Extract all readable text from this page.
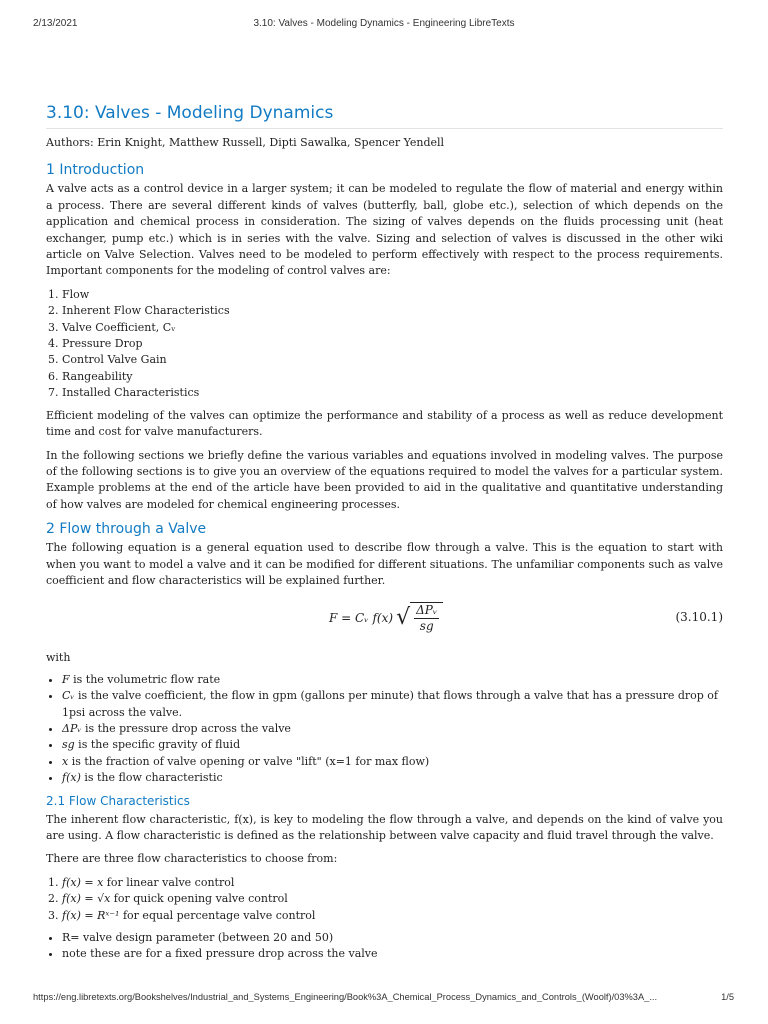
2/13/2021	3.10: Valves - Modeling Dynamics - Engineering LibreTexts
3.10: Valves - Modeling Dynamics
Authors: Erin Knight, Matthew Russell, Dipti Sawalka, Spencer Yendell
1 Introduction

A valve acts as a control device in a larger system; it can be modeled to regulate the flow of material and energy within a process. There are several different kinds of valves (butterfly, ball, globe etc.), selection of which depends on the application and chemical process in consideration. The sizing of valves depends on the fluids processing unit (heat exchanger, pump etc.) which is in series with the valve. Sizing and selection of valves is discussed in the other wiki article on Valve Selection. Valves need to be modeled to perform effectively with respect to the process requirements. Important components for the modeling of control valves are:

1. Flow
2. Inherent Flow Characteristics
3. Valve Coefficient, Cᵥ
4. Pressure Drop
5. Control Valve Gain
6. Rangeability
7. Installed Characteristics

Efficient modeling of the valves can optimize the performance and stability of a process as well as reduce development time and cost for valve manufacturers.

In the following sections we briefly define the various variables and equations involved in modeling valves. The purpose of the following sections is to give you an overview of the equations required to model the valves for a particular system. Example problems at the end of the article have been provided to aid in the qualitative and quantitative understanding of how valves are modeled for chemical engineering processes.

2 Flow through a Valve

The following equation is a general equation used to describe flow through a valve. This is the equation to start with when you want to model a valve and it can be modified for different situations. The unfamiliar components such as valve coefficient and flow characteristics will be explained further.

F = Cᵥ f(x) √ $\frac{\text{ΔPᵥ}}{sg}$	(3.10.1)
with
• F is the volumetric flow rate
• Cᵥ is the valve coefficient, the flow in gpm (gallons per minute) that flows through a valve that has a pressure drop of 1psi across the valve.
• ΔPᵥ is the pressure drop across the valve
• sg is the specific gravity of fluid
• x is the fraction of valve opening or valve "lift" (x=1 for max flow)
• f(x) is the flow characteristic
2.1 Flow Characteristics

The inherent flow characteristic, f(x), is key to modeling the flow through a valve, and depends on the kind of valve you are using. A flow characteristic is defined as the relationship between valve capacity and fluid travel through the valve.

There are three flow characteristics to choose from:

1. f(x) = x for linear valve control
2. f(x) = √x for quick opening valve control
3. f(x) = Rˣ⁻¹ for equal percentage valve control
• R= valve design parameter (between 20 and 50)
• note these are for a fixed pressure drop across the valve
https://eng.libretexts.org/Bookshelves/Industrial_and_Systems_Engineering/Book%3A_Chemical_Process_Dynamics_and_Controls_(Woolf)/03%3A_...	1/5
